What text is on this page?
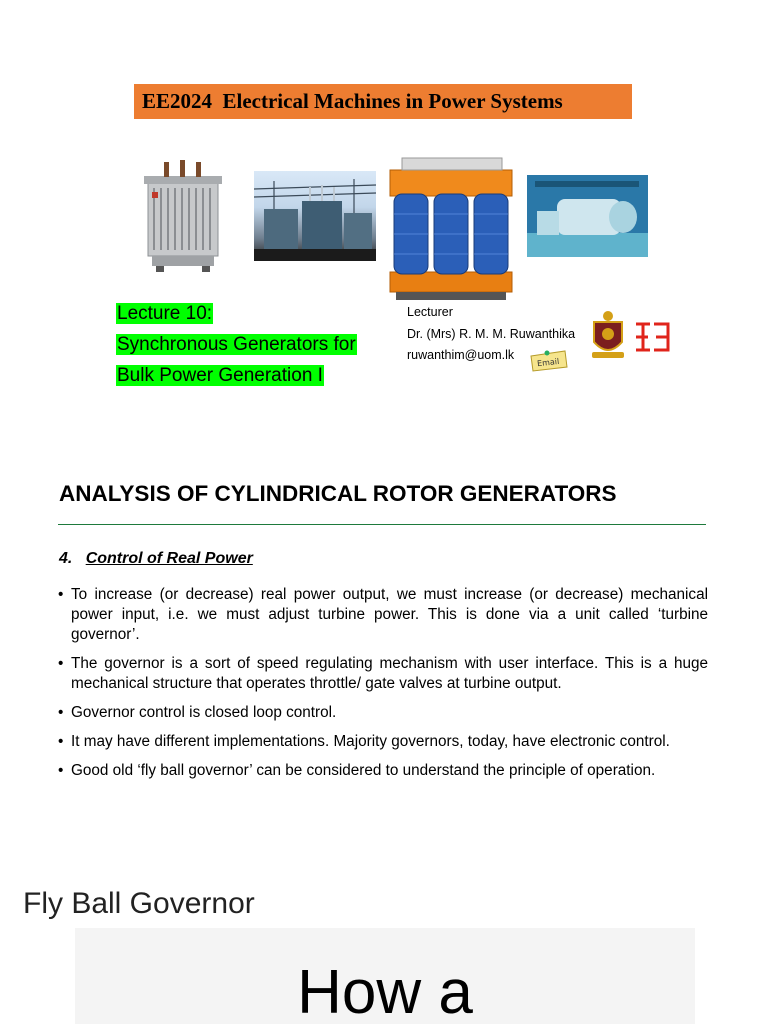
EE2024  Electrical Machines in Power Systems
Lecture 10:
Synchronous Generators for
Bulk Power Generation I
Lecturer
Dr. (Mrs) R. M. M. Ruwanthika
ruwanthim@uom.lk
Email
ANALYSIS OF CYLINDRICAL ROTOR GENERATORS
4. Control of Real Power
• To increase (or decrease) real power output, we must increase (or decrease) mechanical power input, i.e. we must adjust turbine power. This is done via a unit called ‘turbine governor’.
• The governor is a sort of speed regulating mechanism with user interface. This is a huge mechanical structure that operates throttle/ gate valves at turbine output.
• Governor control is closed loop control.
• It may have different implementations. Majority governors, today, have electronic control.
• Good old ‘fly ball governor’ can be considered to understand the principle of operation.
Fly Ball Governor
How a
